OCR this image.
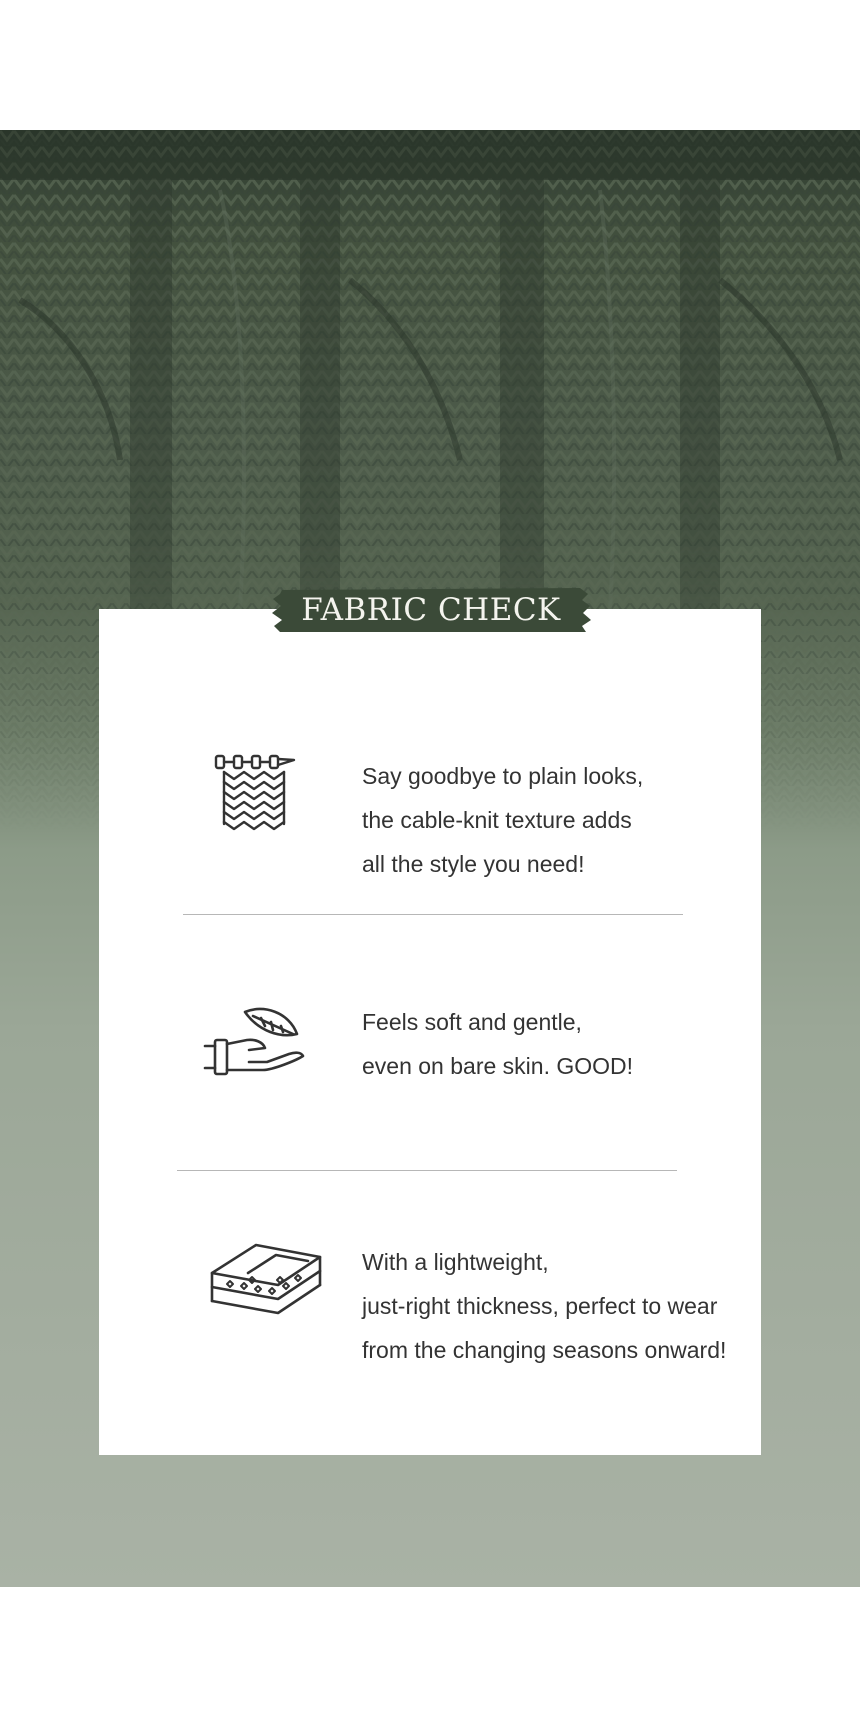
FABRIC CHECK
Say goodbye to plain looks,
the cable-knit texture adds
all the style you need!
Feels soft and gentle,
even on bare skin. GOOD!
With a lightweight,
just-right thickness, perfect to wear
from the changing seasons onward!
